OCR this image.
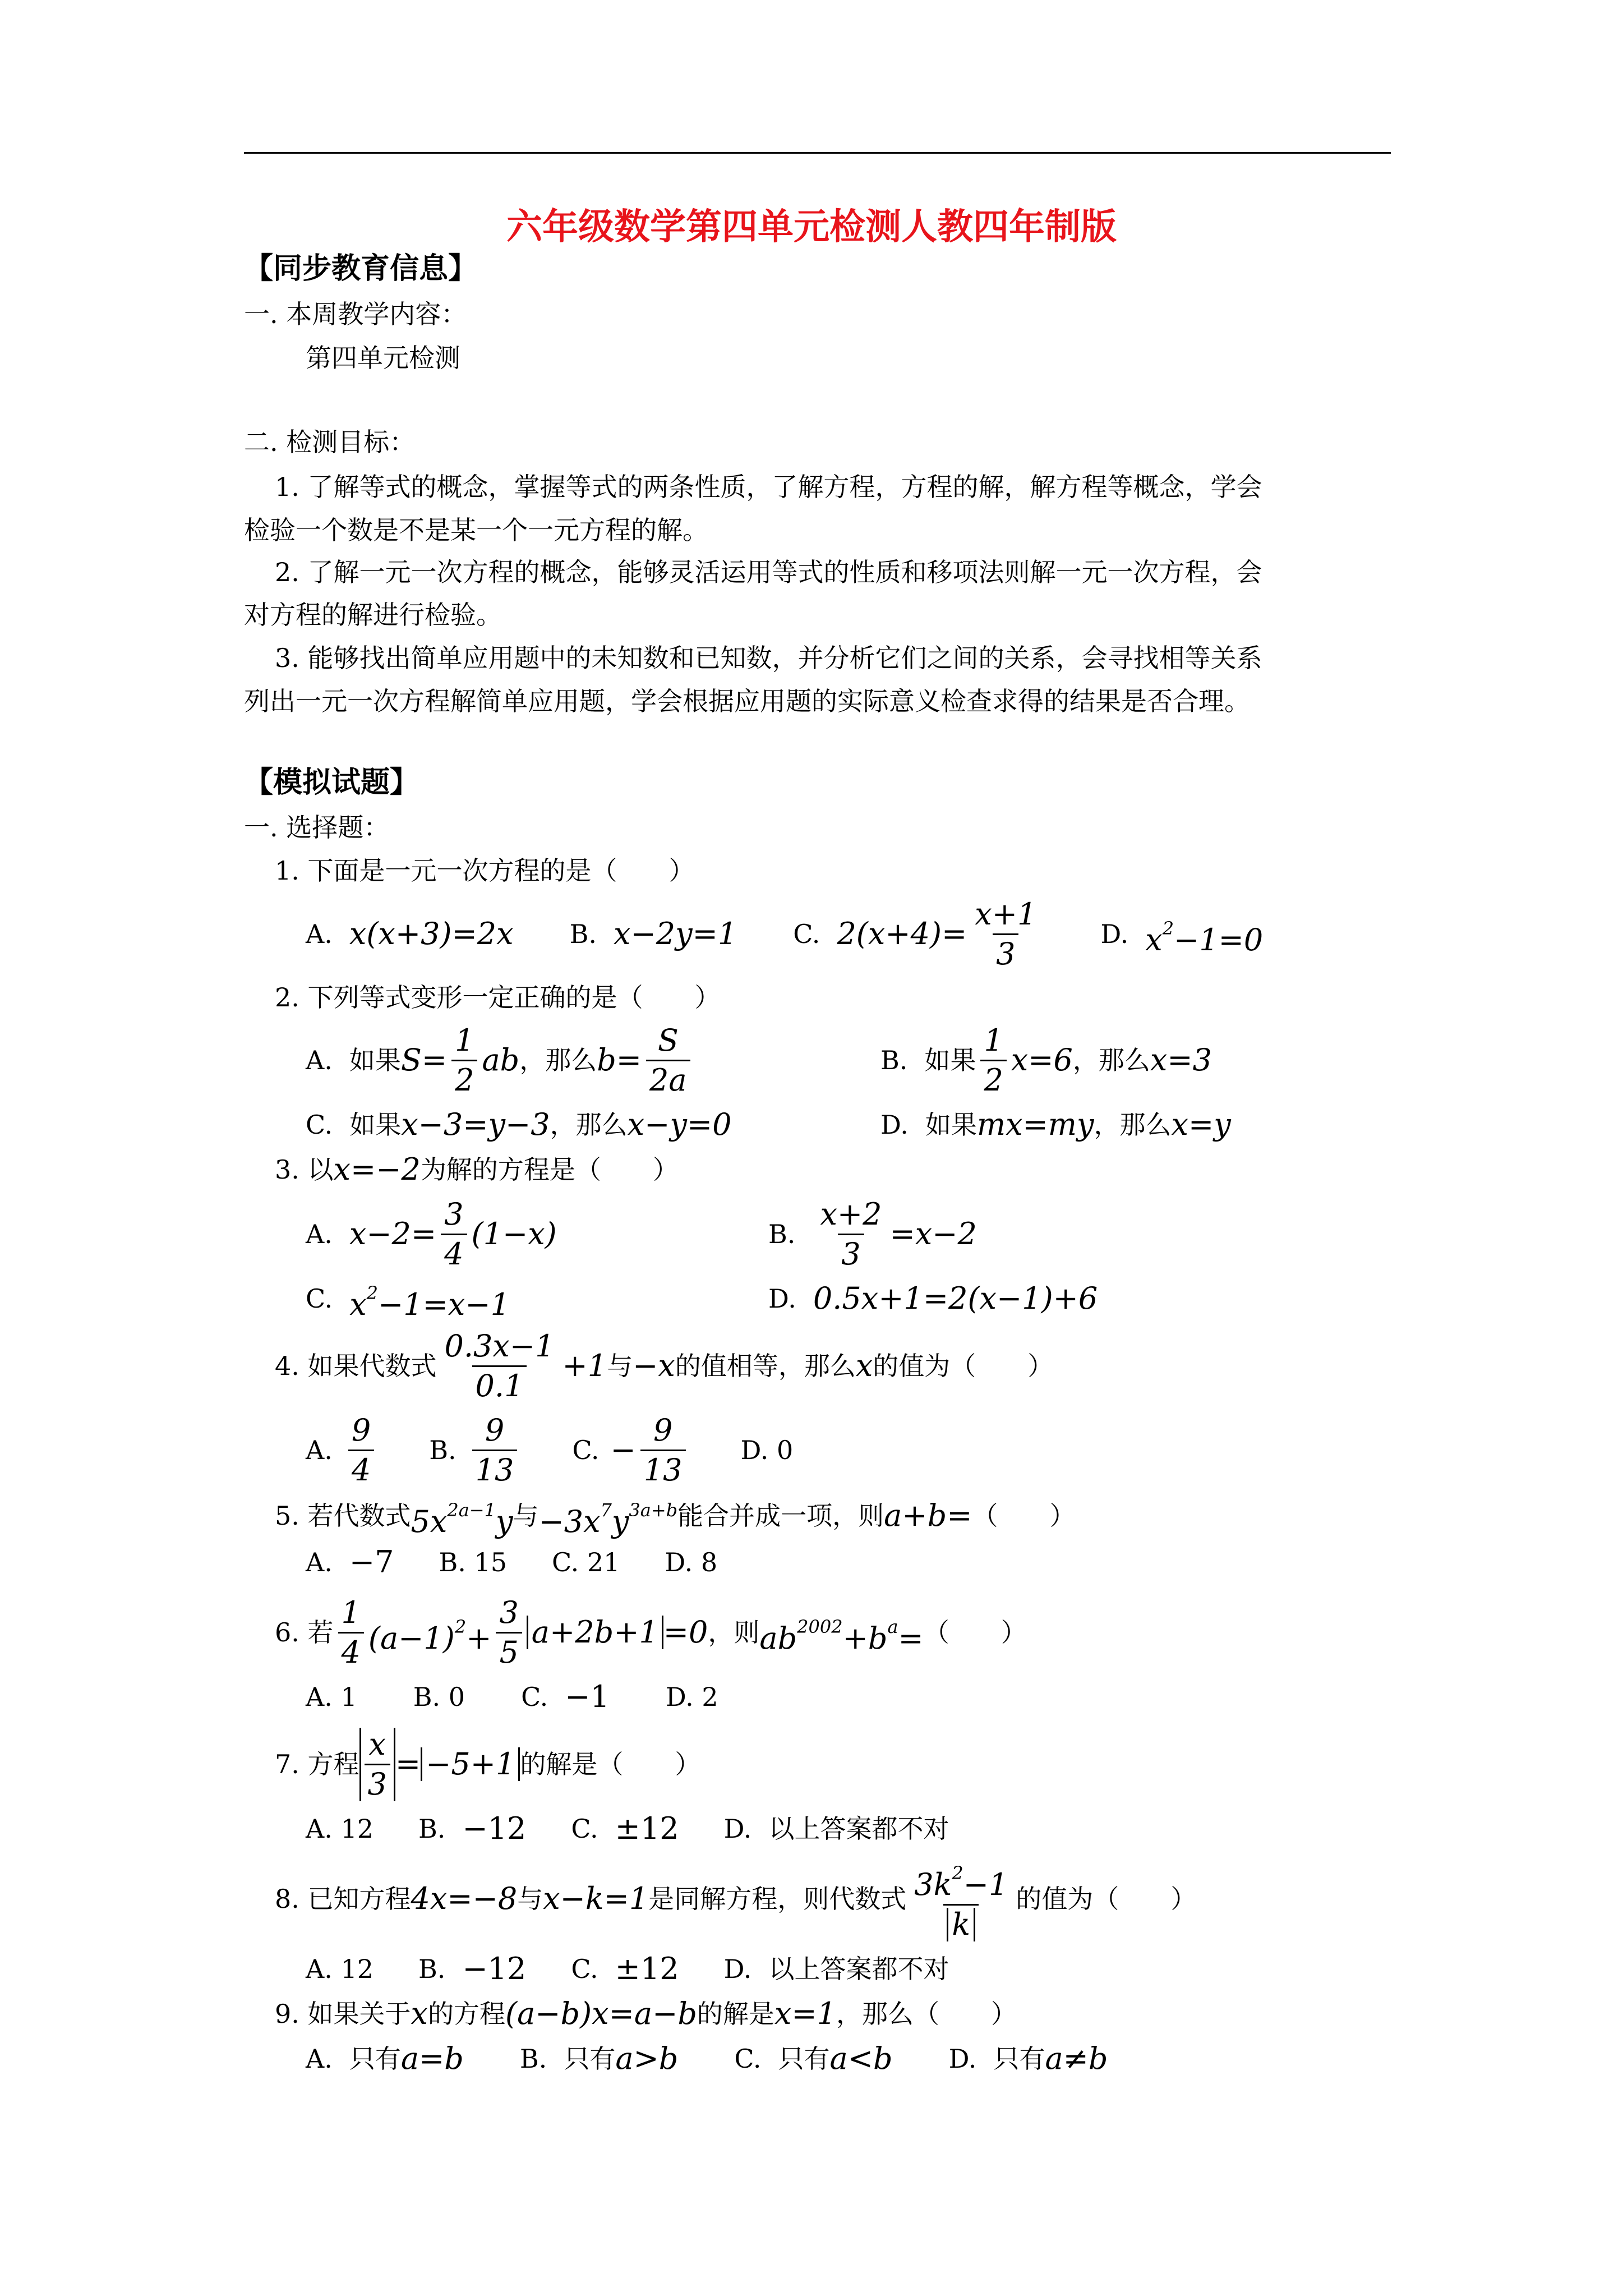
六年级数学第四单元检测人教四年制版
【同步教育信息】
一. 本周教学内容：
第四单元检测
二. 检测目标：
1. 了解等式的概念，掌握等式的两条性质，了解方程，方程的解，解方程等概念，学会
检验一个数是不是某一个一元方程的解。
2. 了解一元一次方程的概念，能够灵活运用等式的性质和移项法则解一元一次方程，会
对方程的解进行检验。
3. 能够找出简单应用题中的未知数和已知数，并分析它们之间的关系，会寻找相等关系
列出一元一次方程解简单应用题，学会根据应用题的实际意义检查求得的结果是否合理。
【模拟试题】
一. 选择题：
1. 下面是一元一次方程的是（　　）
A. x(x+3)=2x B. x−2y=1 C. $2(x+4)= \frac{x+1}{3} D$. $x^2-1=0$
2. 下列等式变形一定正确的是（　　）
A. 如果 $S= \frac{1}{2}$ ab ，那么 $b= \frac{S}{2a}$	B. 如果 $\frac{1}{2} x=6$ ，那么 x=3
C. 如果 x−3=y−3 ，那么 x−y=0	D. 如果 mx=my ，那么 x=y
3. 以 x=−2 为解的方程是（　　）
A. $x-2= \frac{3}{4} (1-x)$	B. $\frac{x+2}{3} =x-2$
C. $x^2-1=x-1$	D. 0.5x+1=2(x−1)+6
4. 如果代数式 $\frac{0.3x-1}{0.1} +1$ 与 −x 的值相等，那么 x 的值为（　　）
A. $\frac{9}{4} B$. $\frac{9}{13} C$. − $\frac{9}{13} D$. 0
5. 若代数式 $5x^{2a-1}y$ 与 $-3x^7y^{3a+b}$ 能合并成一项，则 a+b= （　　）
A. −7 B. 15 C. 21 D. 8
6. 若 $\frac{1}{4} (a-1)^2+ \frac{3}{5} a+2b+1 =0$ ，则 $ab^{2002}+b^a=$ （　　）
A. 1 B. 0 C. −1 D. 2
7. 方程 $\frac{x}{3} = -5+1$ 的解是（　　）
A. 12 B. −12 C. ±12 D. 以上答案都不对
8. 已知方程 4x=−8 与 x−k=1 是同解方程，则代数式 $\frac{3k^2-1}{k}$ 的值为（　　）
A. 12 B. −12 C. ±12 D. 以上答案都不对
9. 如果关于 x 的方程 (a−b)x=a−b 的解是 x=1 ，那么（　　）
A. 只有 a=b B. 只有 a>b C. 只有 a<b D. 只有 a≠b
